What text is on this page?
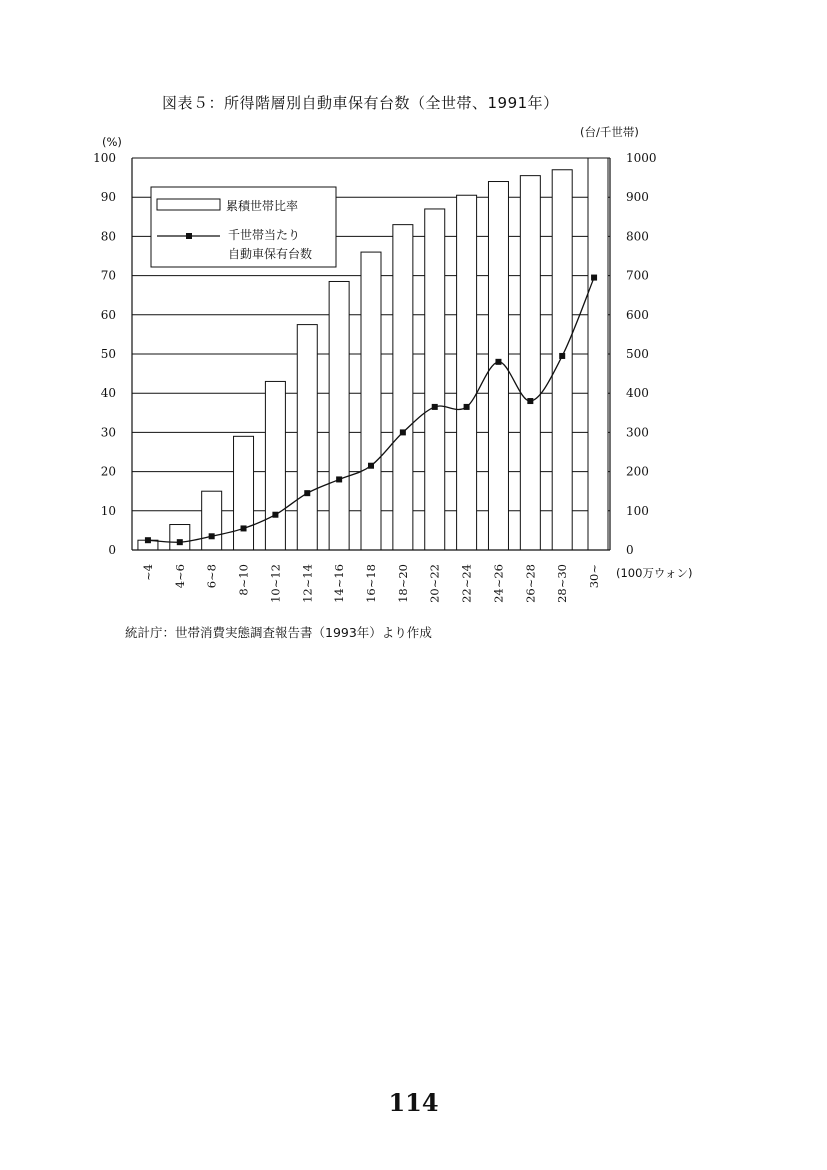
図表５：所得階層別自動車保有台数（全世帯、1991年）
(%)
(台/千世帯)
(100万ウォン)
0
10
20
30
40
50
60
70
80
90
100
0
100
200
300
400
500
600
700
800
900
1000
~4 4~6 6~8 8~10 10~12 12~14 14~16 16~18 18~20 20~22 22~24 24~26 26~28 28~30 30~
累積世帯比率
千世帯当たり
自動車保有台数
統計庁：世帯消費実態調査報告書（1993年）より作成
114
